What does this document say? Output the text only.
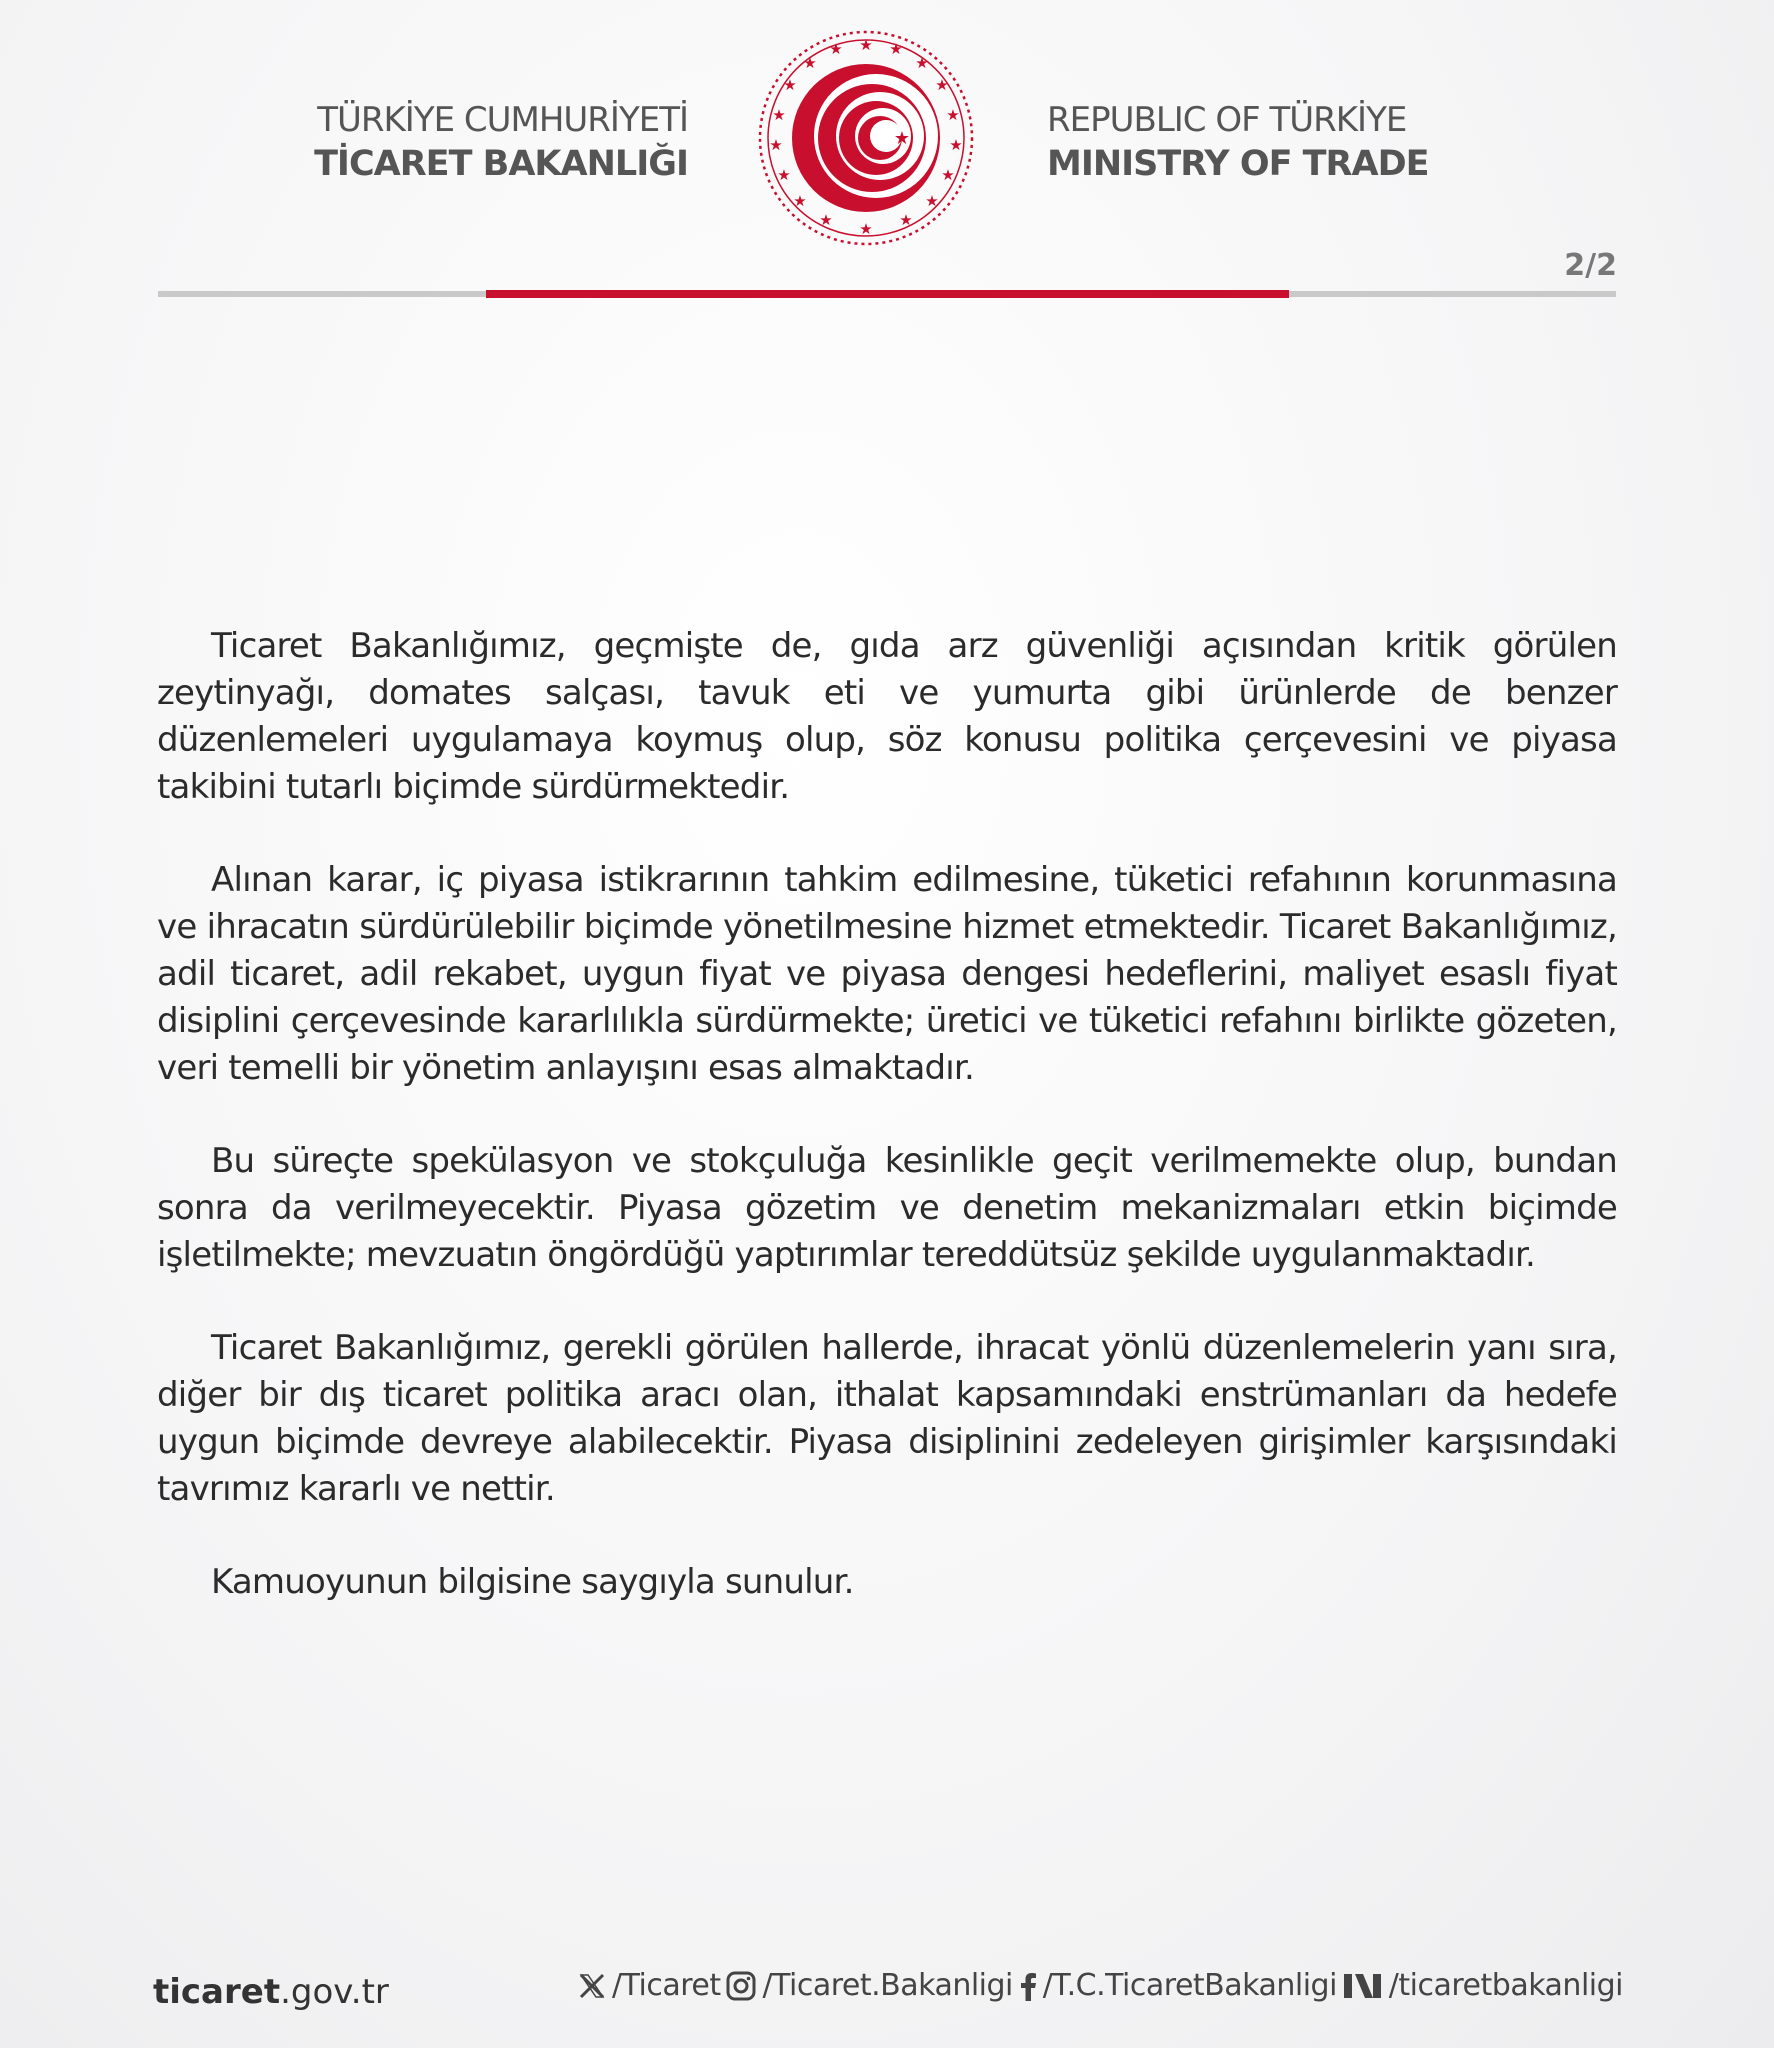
TÜRKİYE CUMHURİYETİ
TİCARET BAKANLIĞI
★ ★
★
★
★
★
★
★
★
★
★
★
★
★
★
★
★ ★
★	REPUBLIC OF TÜRKİYE
MINISTRY OF TRADE
2/2

Ticaret Bakanlığımız, geçmişte de, gıda arz güvenliği açısından kritik görülen zeytinyağı, domates salçası, tavuk eti ve yumurta gibi ürünlerde de benzer düzenlemeleri uygulamaya koymuş olup, söz konusu politika çerçevesini ve piyasa takibini tutarlı biçimde sürdürmektedir.

Alınan karar, iç piyasa istikrarının tahkim edilmesine, tüketici refahının korunmasına ve ihracatın sürdürülebilir biçimde yönetilmesine hizmet etmektedir. Ticaret Bakanlığımız, adil ticaret, adil rekabet, uygun fiyat ve piyasa dengesi hedeflerini, maliyet esaslı fiyat disiplini çerçevesinde kararlılıkla sürdürmekte; üretici ve tüketici refahını birlikte gözeten, veri temelli bir yönetim anlayışını esas almaktadır.

Bu süreçte spekülasyon ve stokçuluğa kesinlikle geçit verilmemekte olup, bundan sonra da verilmeyecektir. Piyasa gözetim ve denetim mekanizmaları etkin biçimde işletilmekte; mevzuatın öngördüğü yaptırımlar tereddütsüz şekilde uygulanmaktadır.

Ticaret Bakanlığımız, gerekli görülen hallerde, ihracat yönlü düzenlemelerin yanı sıra, diğer bir dış ticaret politika aracı olan, ithalat kapsamındaki enstrümanları da hedefe uygun biçimde devreye alabilecektir. Piyasa disiplinini zedeleyen girişimler karşısındaki tavrımız kararlı ve nettir.

Kamuoyunun bilgisine saygıyla sunulur.

ticaret.gov.tr	/Ticaret /Ticaret.Bakanligi /T.C.TicaretBakanligi /ticaretbakanligi
